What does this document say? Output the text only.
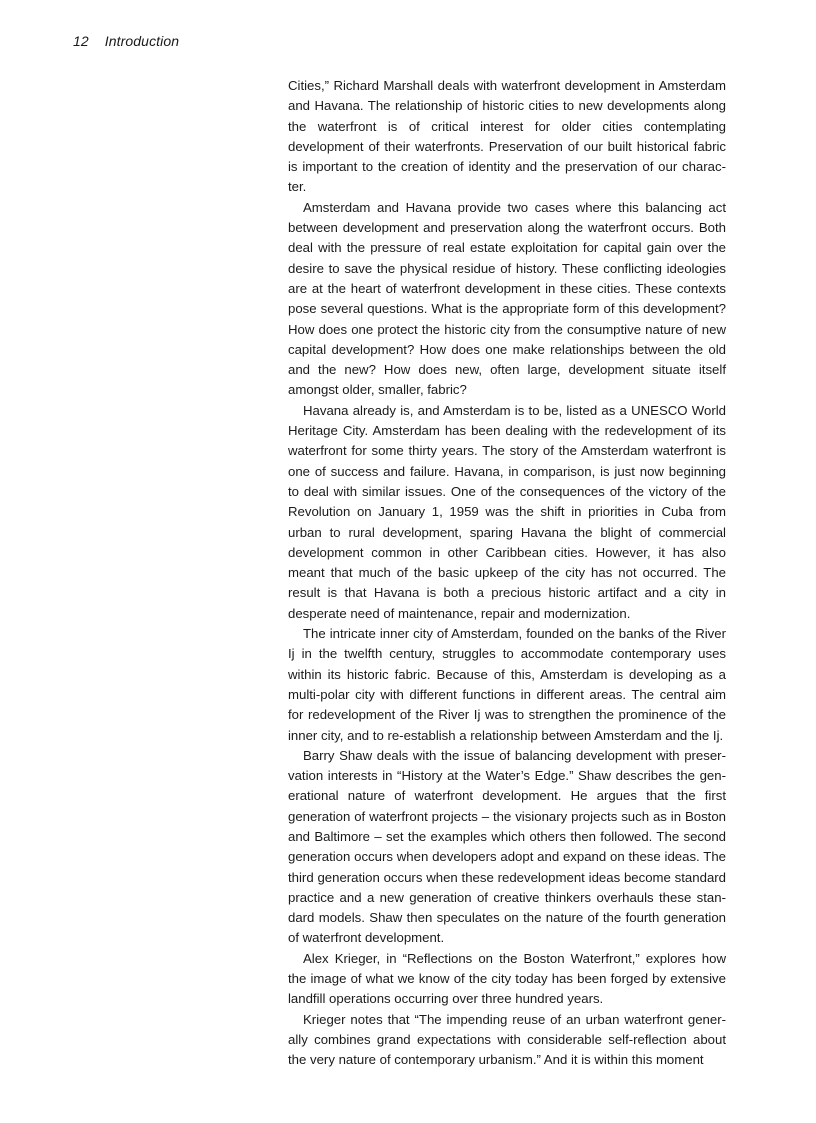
12 Introduction

Cities,” Richard Marshall deals with waterfront development in Amsterdam and Havana. The relationship of historic cities to new developments along the waterfront is of critical interest for older cities contemplating development of their waterfronts. Preservation of our built historical fabric is important to the creation of identity and the preservation of our character.

Amsterdam and Havana provide two cases where this balancing act between development and preservation along the waterfront occurs. Both deal with the pressure of real estate exploitation for capital gain over the desire to save the physical residue of history. These conflicting ideologies are at the heart of waterfront development in these cities. These contexts pose several questions. What is the appropriate form of this development? How does one protect the historic city from the consumptive nature of new capital development? How does one make relationships between the old and the new? How does new, often large, development situate itself amongst older, smaller, fabric?

Havana already is, and Amsterdam is to be, listed as a UNESCO World Heritage City. Amsterdam has been dealing with the redevelopment of its waterfront for some thirty years. The story of the Amsterdam waterfront is one of success and failure. Havana, in comparison, is just now beginning to deal with similar issues. One of the consequences of the victory of the Revolution on January 1, 1959 was the shift in priorities in Cuba from urban to rural development, sparing Havana the blight of commercial development common in other Caribbean cities. However, it has also meant that much of the basic upkeep of the city has not occurred. The result is that Havana is both a precious historic artifact and a city in desperate need of maintenance, repair and modernization.

The intricate inner city of Amsterdam, founded on the banks of the River Ij in the twelfth century, struggles to accommodate contemporary uses within its historic fabric. Because of this, Amsterdam is developing as a multi-polar city with different functions in different areas. The central aim for redevelopment of the River Ij was to strengthen the prominence of the inner city, and to re-establish a relationship between Amsterdam and the Ij.

Barry Shaw deals with the issue of balancing development with preservation interests in “History at the Water’s Edge.” Shaw describes the generational nature of waterfront development. He argues that the first generation of waterfront projects – the visionary projects such as in Boston and Baltimore – set the examples which others then followed. The second generation occurs when developers adopt and expand on these ideas. The third generation occurs when these redevelopment ideas become standard practice and a new generation of creative thinkers overhauls these standard models. Shaw then speculates on the nature of the fourth generation of waterfront development.

Alex Krieger, in “Reflections on the Boston Waterfront,” explores how the image of what we know of the city today has been forged by extensive landfill operations occurring over three hundred years.

Krieger notes that “The impending reuse of an urban waterfront generally combines grand expectations with considerable self-reflection about the very nature of contemporary urbanism.” And it is within this moment
